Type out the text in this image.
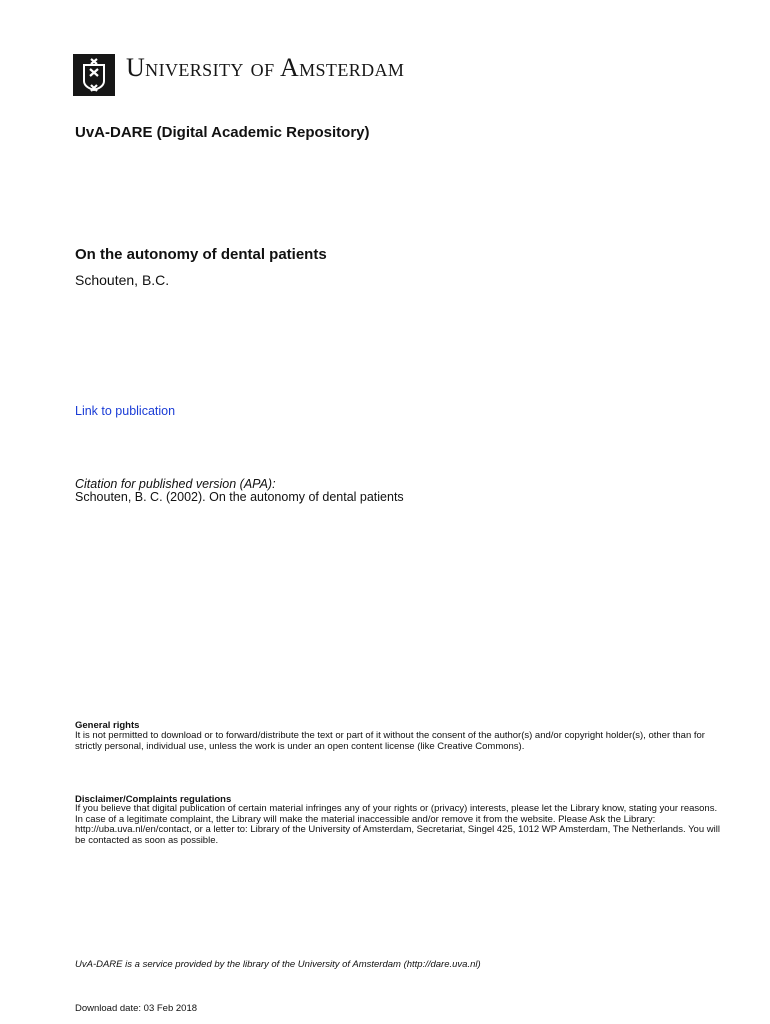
University of Amsterdam
UvA-DARE (Digital Academic Repository)
On the autonomy of dental patients
Schouten, B.C.
Link to publication
Citation for published version (APA):
Schouten, B. C. (2002). On the autonomy of dental patients
General rights
It is not permitted to download or to forward/distribute the text or part of it without the consent of the author(s) and/or copyright holder(s), other than for strictly personal, individual use, unless the work is under an open content license (like Creative Commons).
Disclaimer/Complaints regulations
If you believe that digital publication of certain material infringes any of your rights or (privacy) interests, please let the Library know, stating your reasons. In case of a legitimate complaint, the Library will make the material inaccessible and/or remove it from the website. Please Ask the Library: http://uba.uva.nl/en/contact, or a letter to: Library of the University of Amsterdam, Secretariat, Singel 425, 1012 WP Amsterdam, The Netherlands. You will be contacted as soon as possible.
UvA-DARE is a service provided by the library of the University of Amsterdam (http://dare.uva.nl)
Download date: 03 Feb 2018
